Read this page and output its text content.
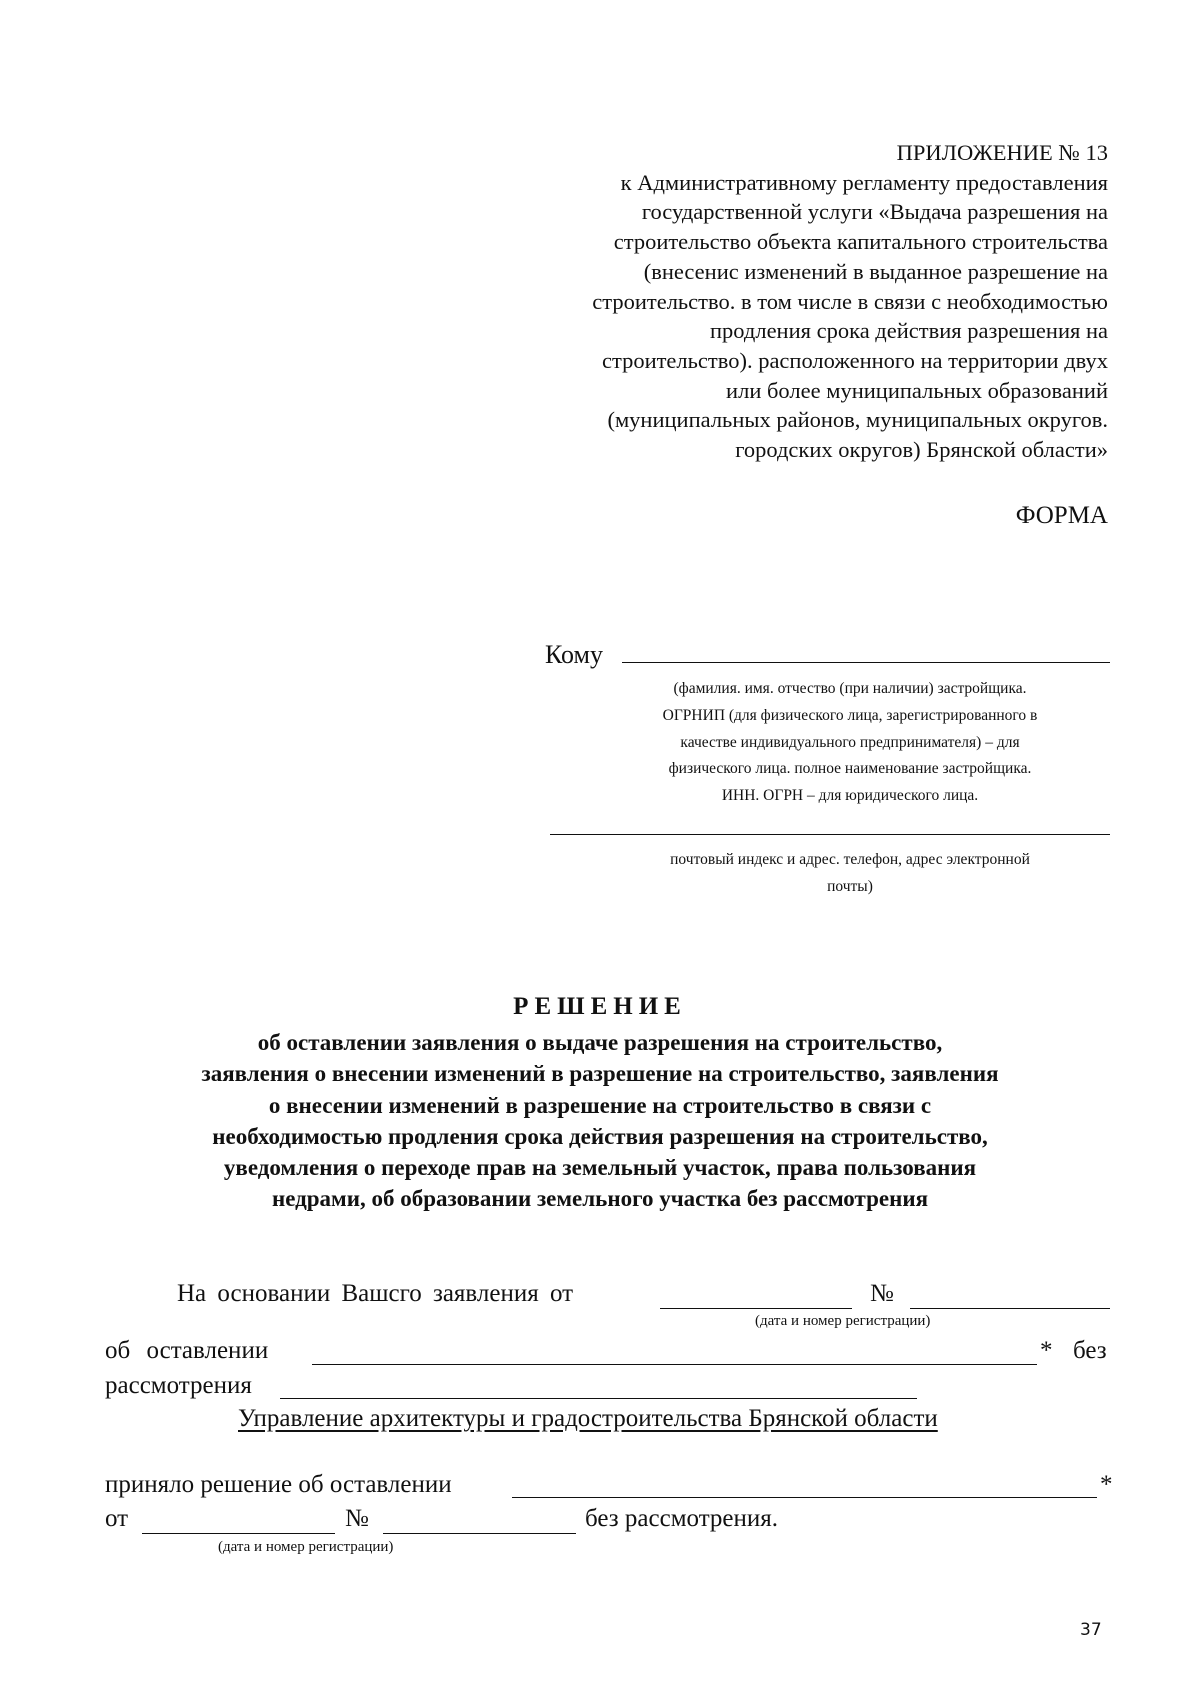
ПРИЛОЖЕНИЕ № 13
к Административному регламенту предоставления
государственной услуги «Выдача разрешения на
строительство объекта капитального строительства
(внесенис изменений в выданное разрешение на
строительство. в том числе в связи с необходимостью
продления срока действия разрешения на
строительство). расположенного на территории двух
или более муниципальных образований
(муниципальных районов, муниципальных округов.
городских округов) Брянской области»
ФОРМА
Кому
(фамилия. имя. отчество (при наличии) застройщика.
ОГРНИП (для физического лица, зарегистрированного в
качестве индивидуального предпринимателя) – для
физического лица. полное наименование застройщика.
ИНН. ОГРН – для юридического лица.
почтовый индекс и адрес. телефон, адрес электронной
почты)
РЕШЕНИЕ
об оставлении заявления о выдаче разрешения на строительство,
заявления о внесении изменений в разрешение на строительство, заявления
о внесении изменений в разрешение на строительство в связи с
необходимостью продления срока действия разрешения на строительство,
уведомления о переходе прав на земельный участок, права пользования
недрами, об образовании земельного участка без рассмотрения
На основании Вашсго заявления от	№
(дата и номер регистрации)
об оставлении	* без
рассмотрения
Управление архитектуры и градостроительства Брянской области
приняло решение об оставлении	*
от	№	без рассмотрения.
(дата и номер регистрации)
37
